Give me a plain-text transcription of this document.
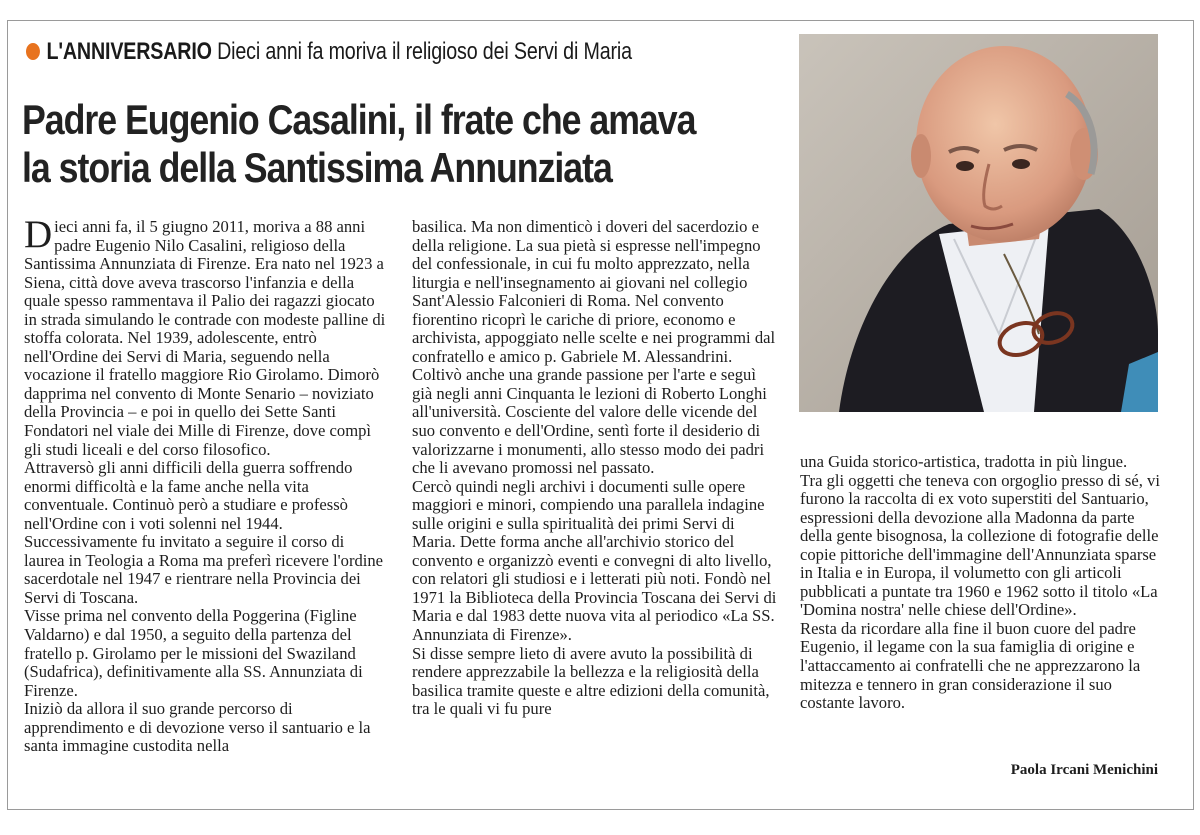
L'ANNIVERSARIO Dieci anni fa moriva il religioso dei Servi di Maria
Padre Eugenio Casalini, il frate che amava
la storia della Santissima Annunziata

Dieci anni fa, il 5 giugno 2011, moriva a 88 anni padre Eugenio Nilo Casalini, religioso della Santissima Annunziata di Firenze. Era nato nel 1923 a Siena, città dove aveva trascorso l'infanzia e della quale spesso rammentava il Palio dei ragazzi giocato in strada simulando le contrade con modeste palline di stoffa colorata. Nel 1939, adolescente, entrò nell'Ordine dei Servi di Maria, seguendo nella vocazione il fratello maggiore Rio Girolamo. Dimorò dapprima nel convento di Monte Senario – noviziato della Provincia – e poi in quello dei Sette Santi Fondatori nel viale dei Mille di Firenze, dove compì gli studi liceali e del corso filosofico.

Attraversò gli anni difficili della guerra soffrendo enormi difficoltà e la fame anche nella vita conventuale. Continuò però a studiare e professò nell'Ordine con i voti solenni nel 1944. Successivamente fu invitato a seguire il corso di laurea in Teologia a Roma ma preferì ricevere l'ordine sacerdotale nel 1947 e rientrare nella Provincia dei Servi di Toscana.

Visse prima nel convento della Poggerina (Figline Valdarno) e dal 1950, a seguito della partenza del fratello p. Girolamo per le missioni del Swaziland (Sudafrica), definitivamente alla SS. Annunziata di Firenze.

Iniziò da allora il suo grande percorso di apprendimento e di devozione verso il santuario e la santa immagine custodita nella

basilica. Ma non dimenticò i doveri del sacerdozio e della religione. La sua pietà si espresse nell'impegno del confessionale, in cui fu molto apprezzato, nella liturgia e nell'insegnamento ai giovani nel collegio Sant'Alessio Falconieri di Roma. Nel convento fiorentino ricoprì le cariche di priore, economo e archivista, appoggiato nelle scelte e nei programmi dal confratello e amico p. Gabriele M. Alessandrini.

Coltivò anche una grande passione per l'arte e seguì già negli anni Cinquanta le lezioni di Roberto Longhi all'università. Cosciente del valore delle vicende del suo convento e dell'Ordine, sentì forte il desiderio di valorizzarne i monumenti, allo stesso modo dei padri che li avevano promossi nel passato.

Cercò quindi negli archivi i documenti sulle opere maggiori e minori, compiendo una parallela indagine sulle origini e sulla spiritualità dei primi Servi di Maria. Dette forma anche all'archivio storico del convento e organizzò eventi e convegni di alto livello, con relatori gli studiosi e i letterati più noti. Fondò nel 1971 la Biblioteca della Provincia Toscana dei Servi di Maria e dal 1983 dette nuova vita al periodico «La SS. Annunziata di Firenze».

Si disse sempre lieto di avere avuto la possibilità di rendere apprezzabile la bellezza e la religiosità della basilica tramite queste e altre edizioni della comunità, tra le quali vi fu pure

una Guida storico-artistica, tradotta in più lingue.

Tra gli oggetti che teneva con orgoglio presso di sé, vi furono la raccolta di ex voto superstiti del Santuario, espressioni della devozione alla Madonna da parte della gente bisognosa, la collezione di fotografie delle copie pittoriche dell'immagine dell'Annunziata sparse in Italia e in Europa, il volumetto con gli articoli pubblicati a puntate tra 1960 e 1962 sotto il titolo «La 'Domina nostra' nelle chiese dell'Ordine».

Resta da ricordare alla fine il buon cuore del padre Eugenio, il legame con la sua famiglia di origine e l'attaccamento ai confratelli che ne apprezzarono la mitezza e tennero in gran considerazione il suo costante lavoro.

Paola Ircani Menichini
